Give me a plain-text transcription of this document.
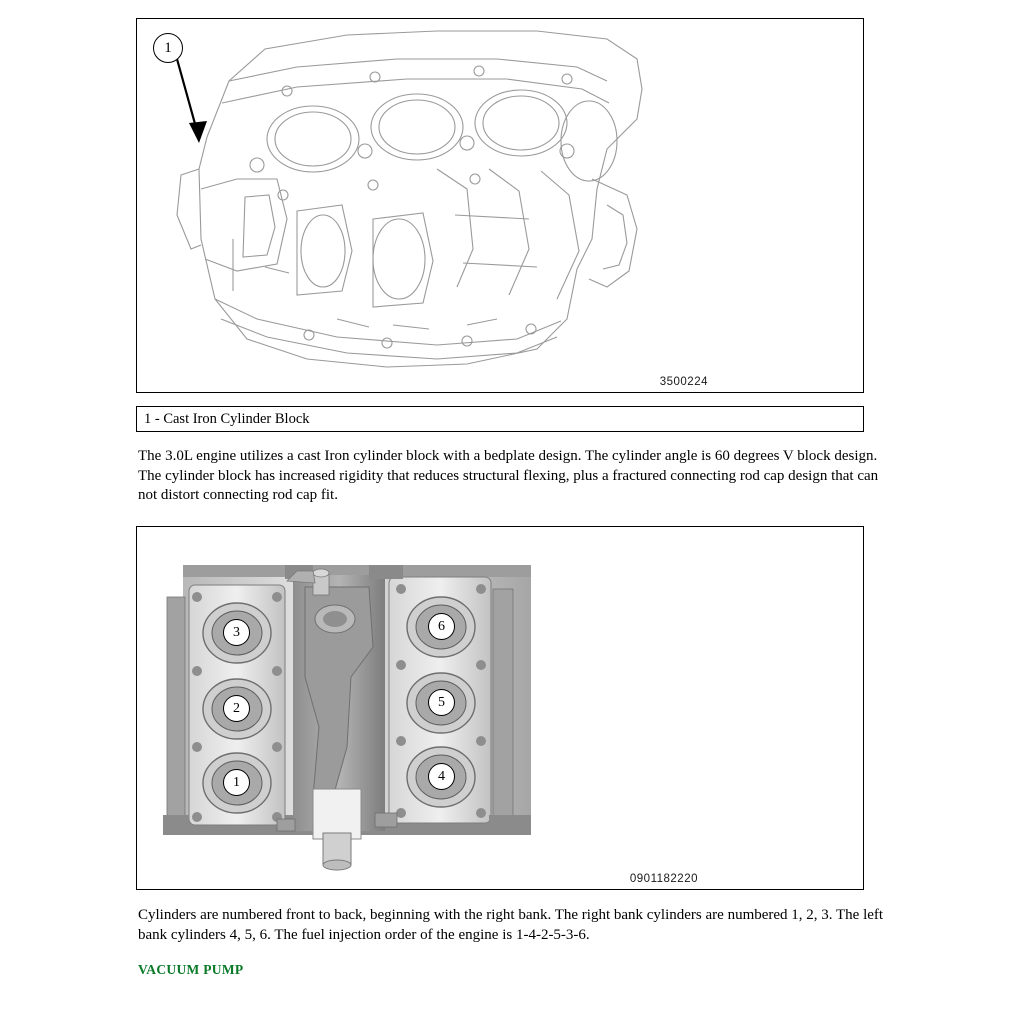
1
3500224
1 - Cast Iron Cylinder Block
The 3.0L engine utilizes a cast Iron cylinder block with a bedplate design. The cylinder angle is 60 degrees V block design. The cylinder block has increased rigidity that reduces structural flexing, plus a fractured connecting rod cap design that can not distort connecting rod cap fit.
1
2
3
4
5
6
0901182220
Cylinders are numbered front to back, beginning with the right bank. The right bank cylinders are numbered 1, 2, 3. The left bank cylinders 4, 5, 6. The fuel injection order of the engine is 1-4-2-5-3-6.
VACUUM PUMP
